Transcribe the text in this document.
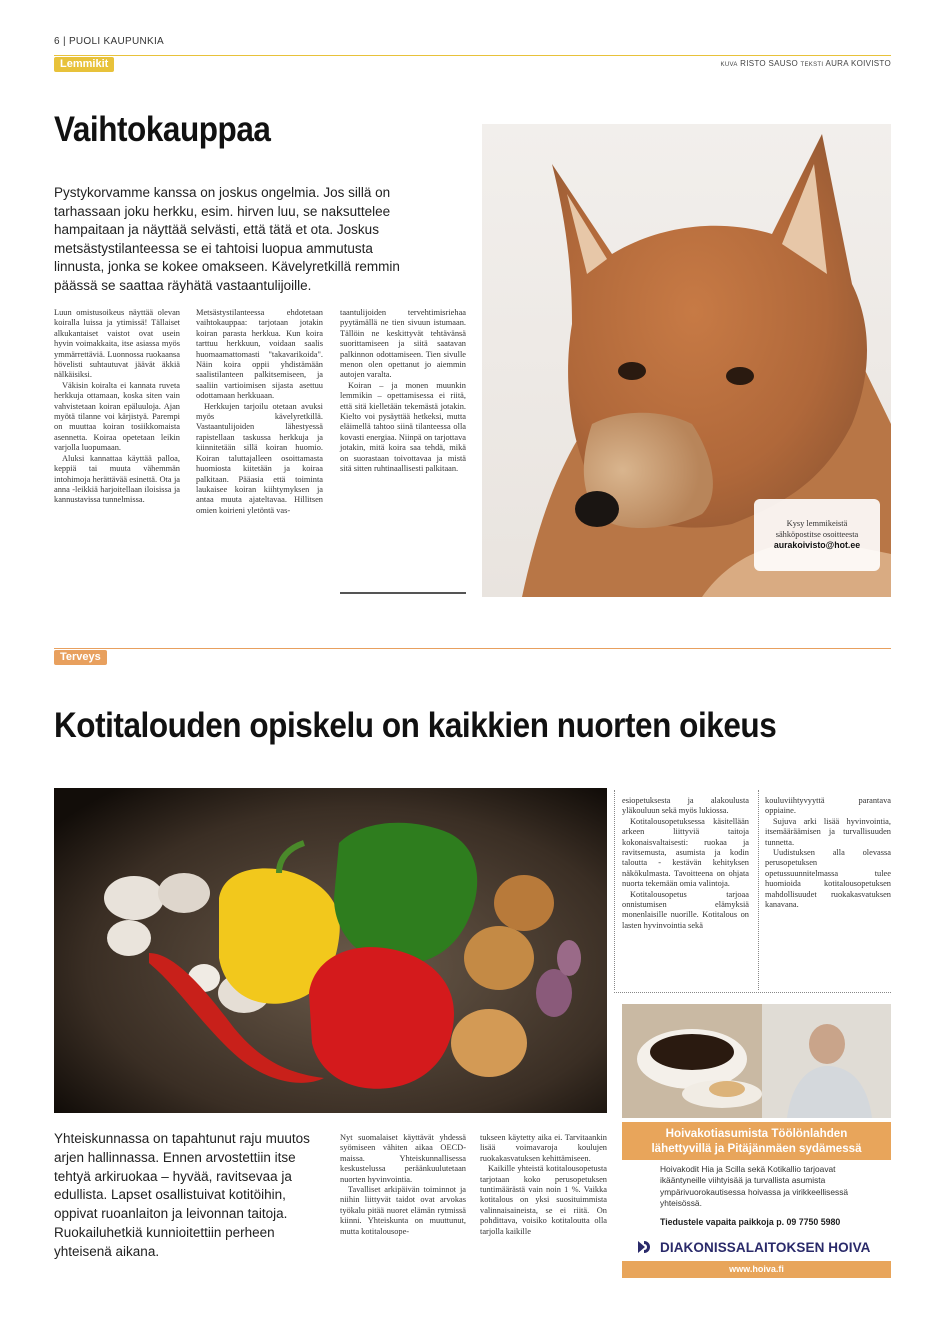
6 | PUOLI KAUPUNKIA
Lemmikit	KUVA RISTO SAUSO TEKSTI AURA KOIVISTO
Vaihtokauppaa
Pystykorvamme kanssa on joskus ongelmia. Jos sillä on tarhassaan joku herkku, esim. hirven luu, se naksuttelee hampaitaan ja näyttää selvästi, että tätä et ota. Joskus metsästystilanteessa se ei tahtoisi luopua ammutusta linnusta, jonka se kokee omakseen. Kävelyretkillä remmin päässä se saattaa räyhätä vastaantulijoille.

Luun omistusoikeus näyttää olevan koiralla luissa ja ytimissä! Tällaiset alkukantaiset vaistot ovat usein hyvin voimakkaita, itse asiassa myös ymmärrettäviä. Luonnossa ruokaansa hövelisti suhtautuvat jäävät äkkiä nälkäisiksi.

Väkisin koiralta ei kannata ruveta herkkuja ottamaan, koska siten vain vahvistetaan koiran epäluuloja. Ajan myötä tilanne voi kärjistyä. Parempi on muuttaa koiran tosiikkomaista asennetta. Koiraa opetetaan leikin varjolla luopumaan.

Aluksi kannattaa käyttää palloa, keppiä tai muuta vähemmän intohimoja herättävää esinettä. Ota ja anna -leikkiä harjoitellaan iloisissa ja kannustavissa tunnelmissa.

Metsästystilanteessa ehdotetaan vaihtokauppaa: tarjotaan jotakin koiran parasta herkkua. Kun koira tarttuu herkkuun, voidaan saalis huomaamattomasti "takavarikoida". Näin koira oppii yhdistämään saalistilanteen palkitsemiseen, ja saaliin vartioimisen sijasta asettuu odottamaan herkkuaan.

Herkkujen tarjoilu otetaan avuksi myös kävelyretkillä. Vastaantulijoiden lähestyessä rapistellaan taskussa herkkuja ja kiinnitetään sillä koiran huomio. Koiran taluttajalleen osoittamasta huomiosta kiitetään ja koiraa palkitaan. Pääasia että toiminta laukaisee koiran kiihtymyksen ja antaa muuta ajateltavaa. Hillitsen omien koirieni yletöntä vas-

taantulijoiden tervehtimisriehaa pyytämällä ne tien sivuun istumaan. Tällöin ne keskittyvät tehtävänsä suorittamiseen ja siitä saatavan palkinnon odottamiseen. Tien sivulle menon olen opettanut jo aiemmin autojen varalta.

Koiran – ja monen muunkin lemmikin – opettamisessa ei riitä, että sitä kielletään tekemästä jotakin. Kielto voi pysäyttää hetkeksi, mutta eläimellä tahtoo siinä tilanteessa olla kovasti energiaa. Niinpä on tarjottava jotakin, mitä koira saa tehdä, mikä on suorastaan toivottavaa ja mistä sitä sitten ruhtinaallisesti palkitaan.

Kysy lemmikeistä
sähköpostitse osoitteesta
aurakoivisto@hot.ee
Terveys
Kotitalouden opiskelu on kaikkien nuorten oikeus
Yhteiskunnassa on tapahtunut raju muutos arjen hallinnassa. Ennen arvostettiin itse tehtyä arkiruokaa – hyvää, ravitsevaa ja edullista. Lapset osallistuivat kotitöihin, oppivat ruoanlaiton ja leivonnan taitoja. Ruokailuhetkiä kunnioitettiin perheen yhteisenä aikana.

Nyt suomalaiset käyttävät yhdessä syömiseen vähiten aikaa OECD-maissa. Yhteiskunnallisessa keskustelussa peräänkuulutetaan nuorten hyvinvointia.

Tavalliset arkipäivän toiminnot ja niihin liittyvät taidot ovat arvokas työkalu pitää nuoret elämän rytmissä kiinni. Yhteiskunta on muuttunut, mutta kotitalousope-

tukseen käytetty aika ei. Tarvitaankin lisää voimavaroja koulujen ruokakasvatuksen kehittämiseen.

Kaikille yhteistä kotitalousopetusta tarjotaan koko perusopetuksen tuntimäärästä vain noin 1 %. Vaikka kotitalous on yksi suosituimmista valinnaisaineista, se ei riitä. On pohdittava, voisiko kotitaloutta olla tarjolla kaikille

esiopetuksesta ja alakoulusta yläkouluun sekä myös lukiossa.

Kotitalousopetuksessa käsitellään arkeen liittyviä taitoja kokonaisvaltaisesti: ruokaa ja ravitsemusta, asumista ja kodin taloutta - kestävän kehityksen näkökulmasta. Tavoitteena on ohjata nuorta tekemään omia valintoja.

Kotitalousopetus tarjoaa onnistumisen elämyksiä monenlaisille nuorille. Kotitalous on lasten hyvinvointia sekä

kouluviihtyvyyttä parantava oppiaine.

Sujuva arki lisää hyvinvointia, itsemääräämisen ja turvallisuuden tunnetta.

Uudistuksen alla olevassa perusopetuksen opetussuunnitelmassa tulee huomioida kotitalousopetuksen mahdollisuudet ruokakasvatuksen kanavana.

Hoivakotiasumista Töölönlahden
lähettyvillä ja Pitäjänmäen sydämessä
Hoivakodit Hia ja Scilla sekä Kotikallio tarjoavat ikääntyneille viihtyisää ja turvallista asumista ympärivuorokautisessa hoivassa ja virikkeellisessä yhteisössä.
Tiedustele vapaita paikkoja p. 09 7750 5980
DIAKONISSALAITOKSEN HOIVA
www.hoiva.fi
